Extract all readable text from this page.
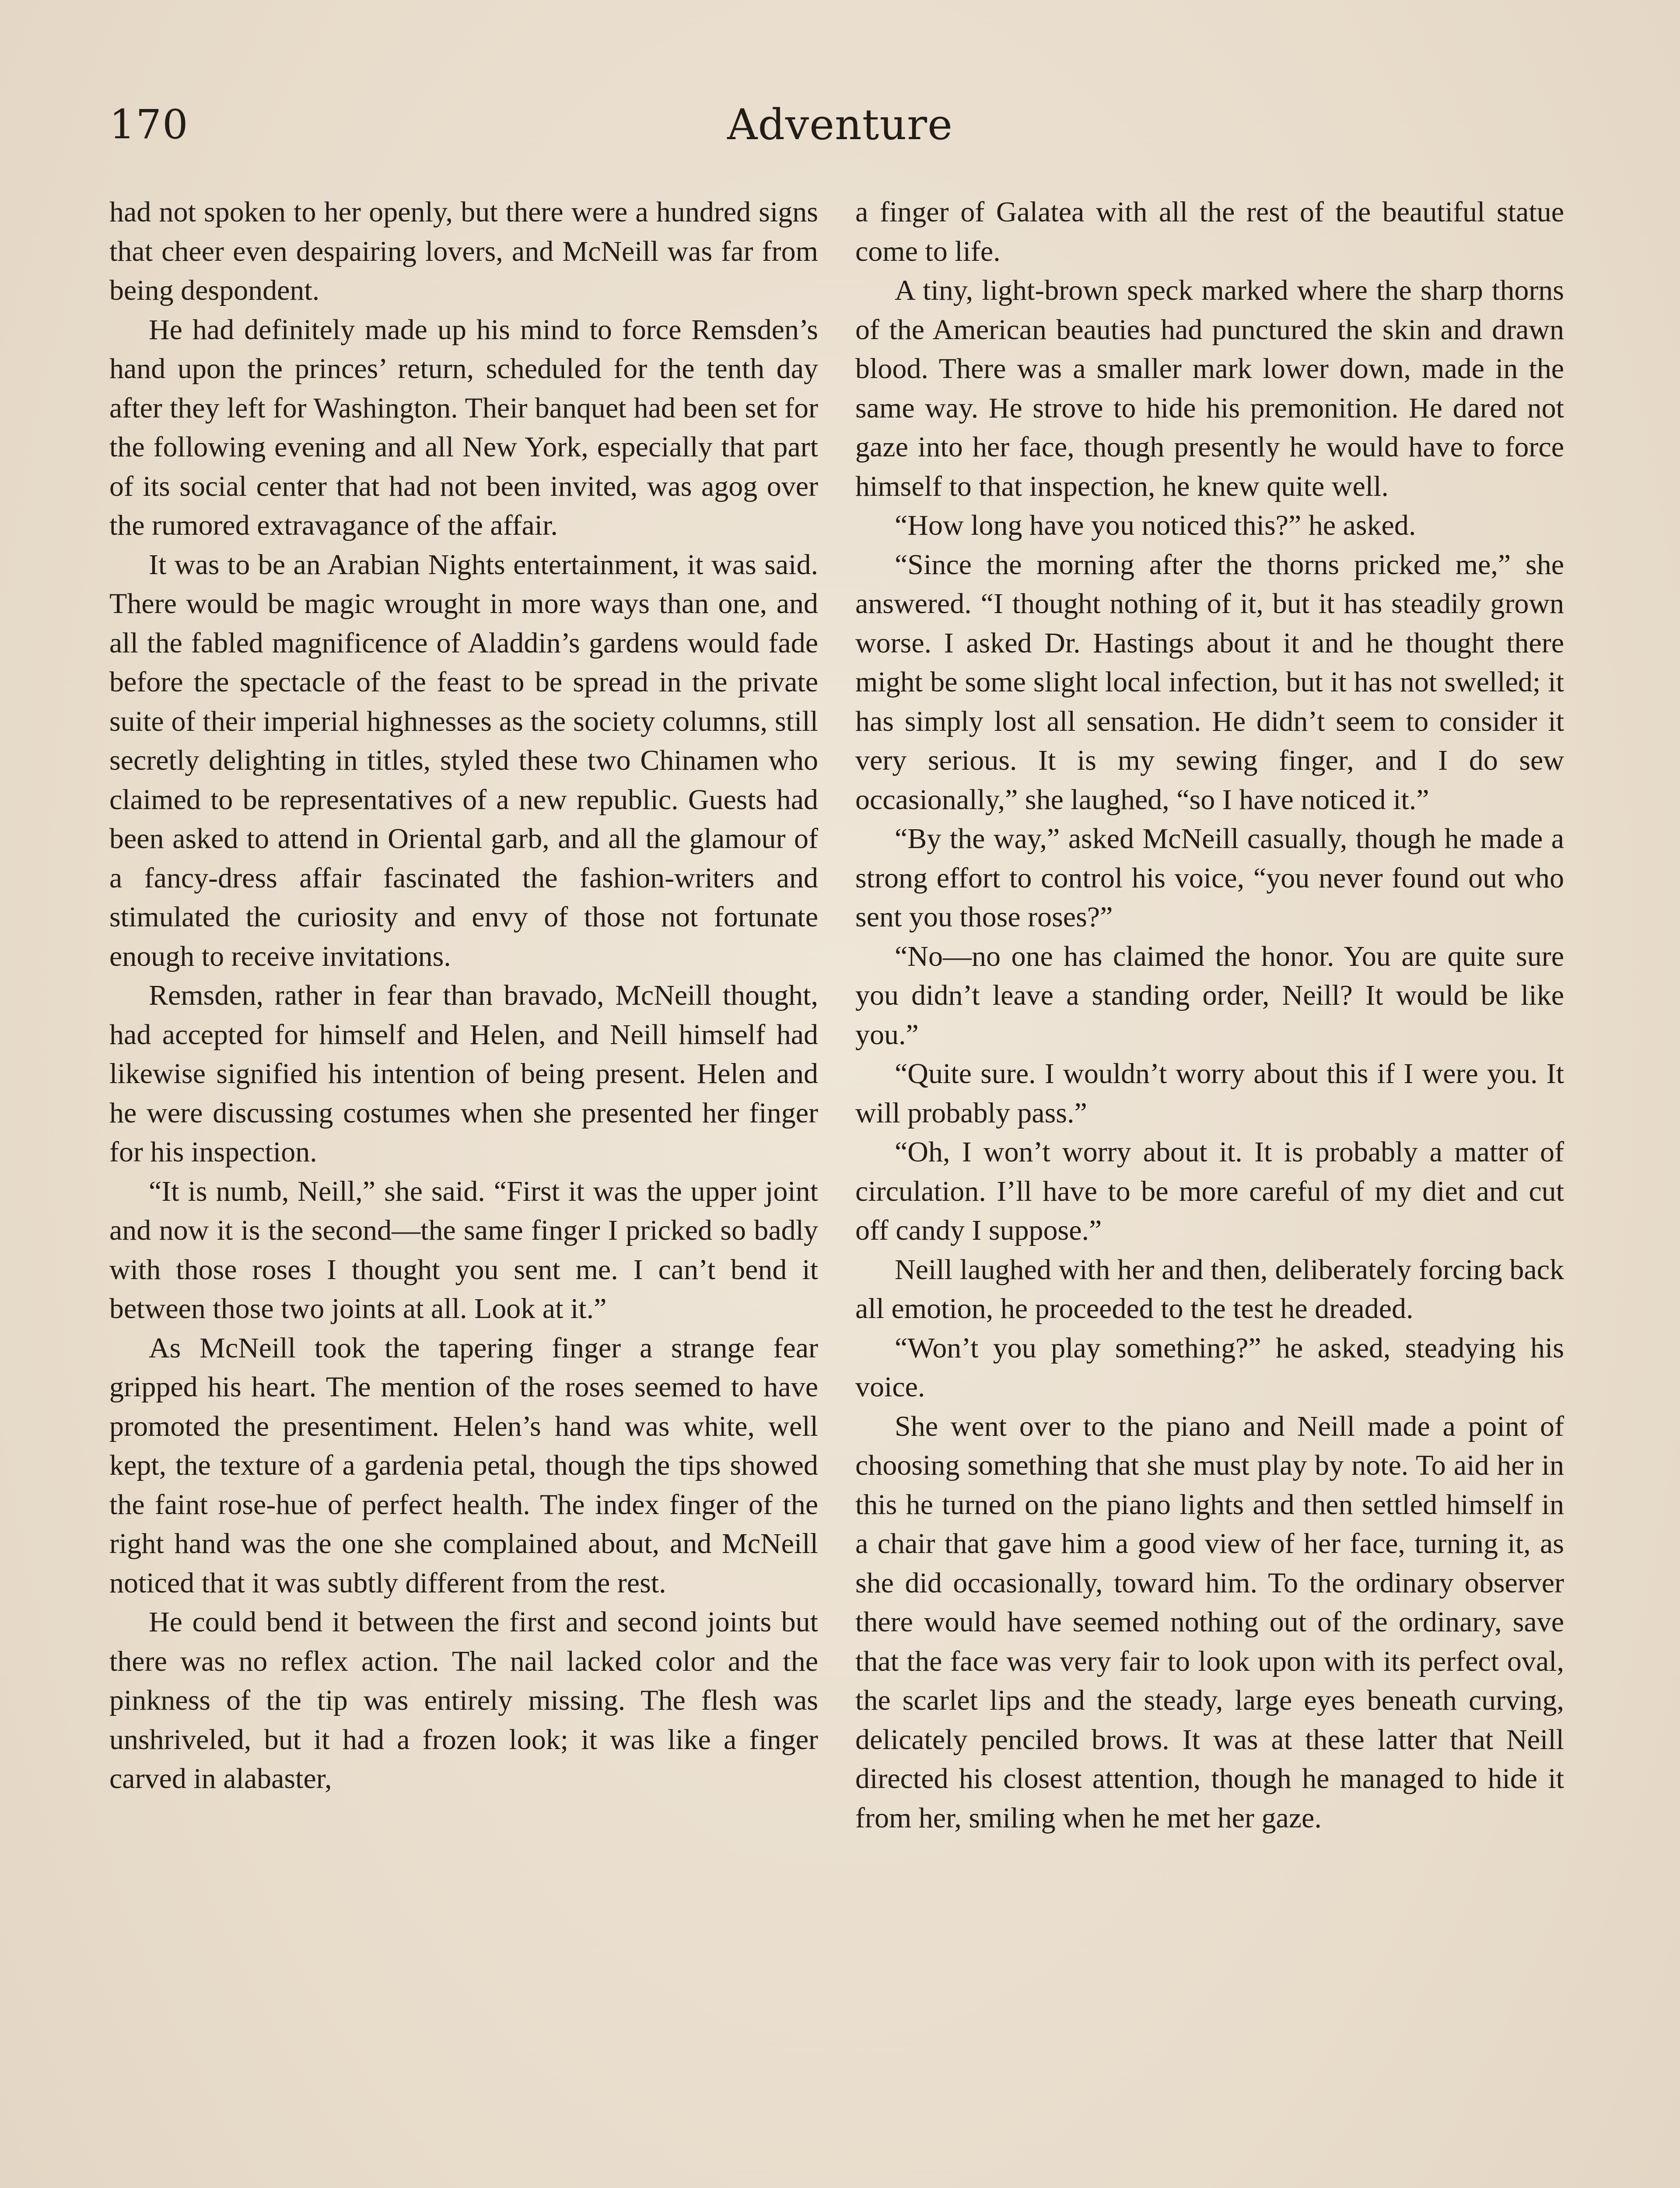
170	Adventure

had not spoken to her openly, but there were a hundred signs that cheer even despairing lovers, and McNeill was far from being despondent.

He had definitely made up his mind to force Remsden’s hand upon the princes’ return, scheduled for the tenth day after they left for Washington. Their banquet had been set for the following evening and all New York, especially that part of its social center that had not been invited, was agog over the rumored extravagance of the affair.

It was to be an Arabian Nights entertainment, it was said. There would be magic wrought in more ways than one, and all the fabled magnificence of Aladdin’s gardens would fade before the spectacle of the feast to be spread in the private suite of their imperial highnesses as the society columns, still secretly delighting in titles, styled these two Chinamen who claimed to be representatives of a new republic. Guests had been asked to attend in Oriental garb, and all the glamour of a fancy-dress affair fascinated the fashion-writers and stimulated the curiosity and envy of those not fortunate enough to receive invitations.

Remsden, rather in fear than bravado, McNeill thought, had accepted for himself and Helen, and Neill himself had likewise signified his intention of being present. Helen and he were discussing costumes when she presented her finger for his inspection.

“It is numb, Neill,” she said. “First it was the upper joint and now it is the second—the same finger I pricked so badly with those roses I thought you sent me. I can’t bend it between those two joints at all. Look at it.”

As McNeill took the tapering finger a strange fear gripped his heart. The mention of the roses seemed to have promoted the presentiment. Helen’s hand was white, well kept, the texture of a gardenia petal, though the tips showed the faint rose-hue of perfect health. The index finger of the right hand was the one she complained about, and McNeill noticed that it was subtly different from the rest.

He could bend it between the first and second joints but there was no reflex action. The nail lacked color and the pinkness of the tip was entirely missing. The flesh was unshriveled, but it had a frozen look; it was like a finger carved in alabaster,

a finger of Galatea with all the rest of the beautiful statue come to life.

A tiny, light-brown speck marked where the sharp thorns of the American beauties had punctured the skin and drawn blood. There was a smaller mark lower down, made in the same way. He strove to hide his premonition. He dared not gaze into her face, though presently he would have to force himself to that inspection, he knew quite well.

“How long have you noticed this?” he asked.

“Since the morning after the thorns pricked me,” she answered. “I thought nothing of it, but it has steadily grown worse. I asked Dr. Hastings about it and he thought there might be some slight local infection, but it has not swelled; it has simply lost all sensation. He didn’t seem to consider it very serious. It is my sewing finger, and I do sew occasionally,” she laughed, “so I have noticed it.”

“By the way,” asked McNeill casually, though he made a strong effort to control his voice, “you never found out who sent you those roses?”

“No—no one has claimed the honor. You are quite sure you didn’t leave a standing order, Neill? It would be like you.”

“Quite sure. I wouldn’t worry about this if I were you. It will probably pass.”

“Oh, I won’t worry about it. It is probably a matter of circulation. I’ll have to be more careful of my diet and cut off candy I suppose.”

Neill laughed with her and then, deliberately forcing back all emotion, he proceeded to the test he dreaded.

“Won’t you play something?” he asked, steadying his voice.

She went over to the piano and Neill made a point of choosing something that she must play by note. To aid her in this he turned on the piano lights and then settled himself in a chair that gave him a good view of her face, turning it, as she did occasionally, toward him. To the ordinary observer there would have seemed nothing out of the ordinary, save that the face was very fair to look upon with its perfect oval, the scarlet lips and the steady, large eyes beneath curving, delicately penciled brows. It was at these latter that Neill directed his closest attention, though he managed to hide it from her, smiling when he met her gaze.
